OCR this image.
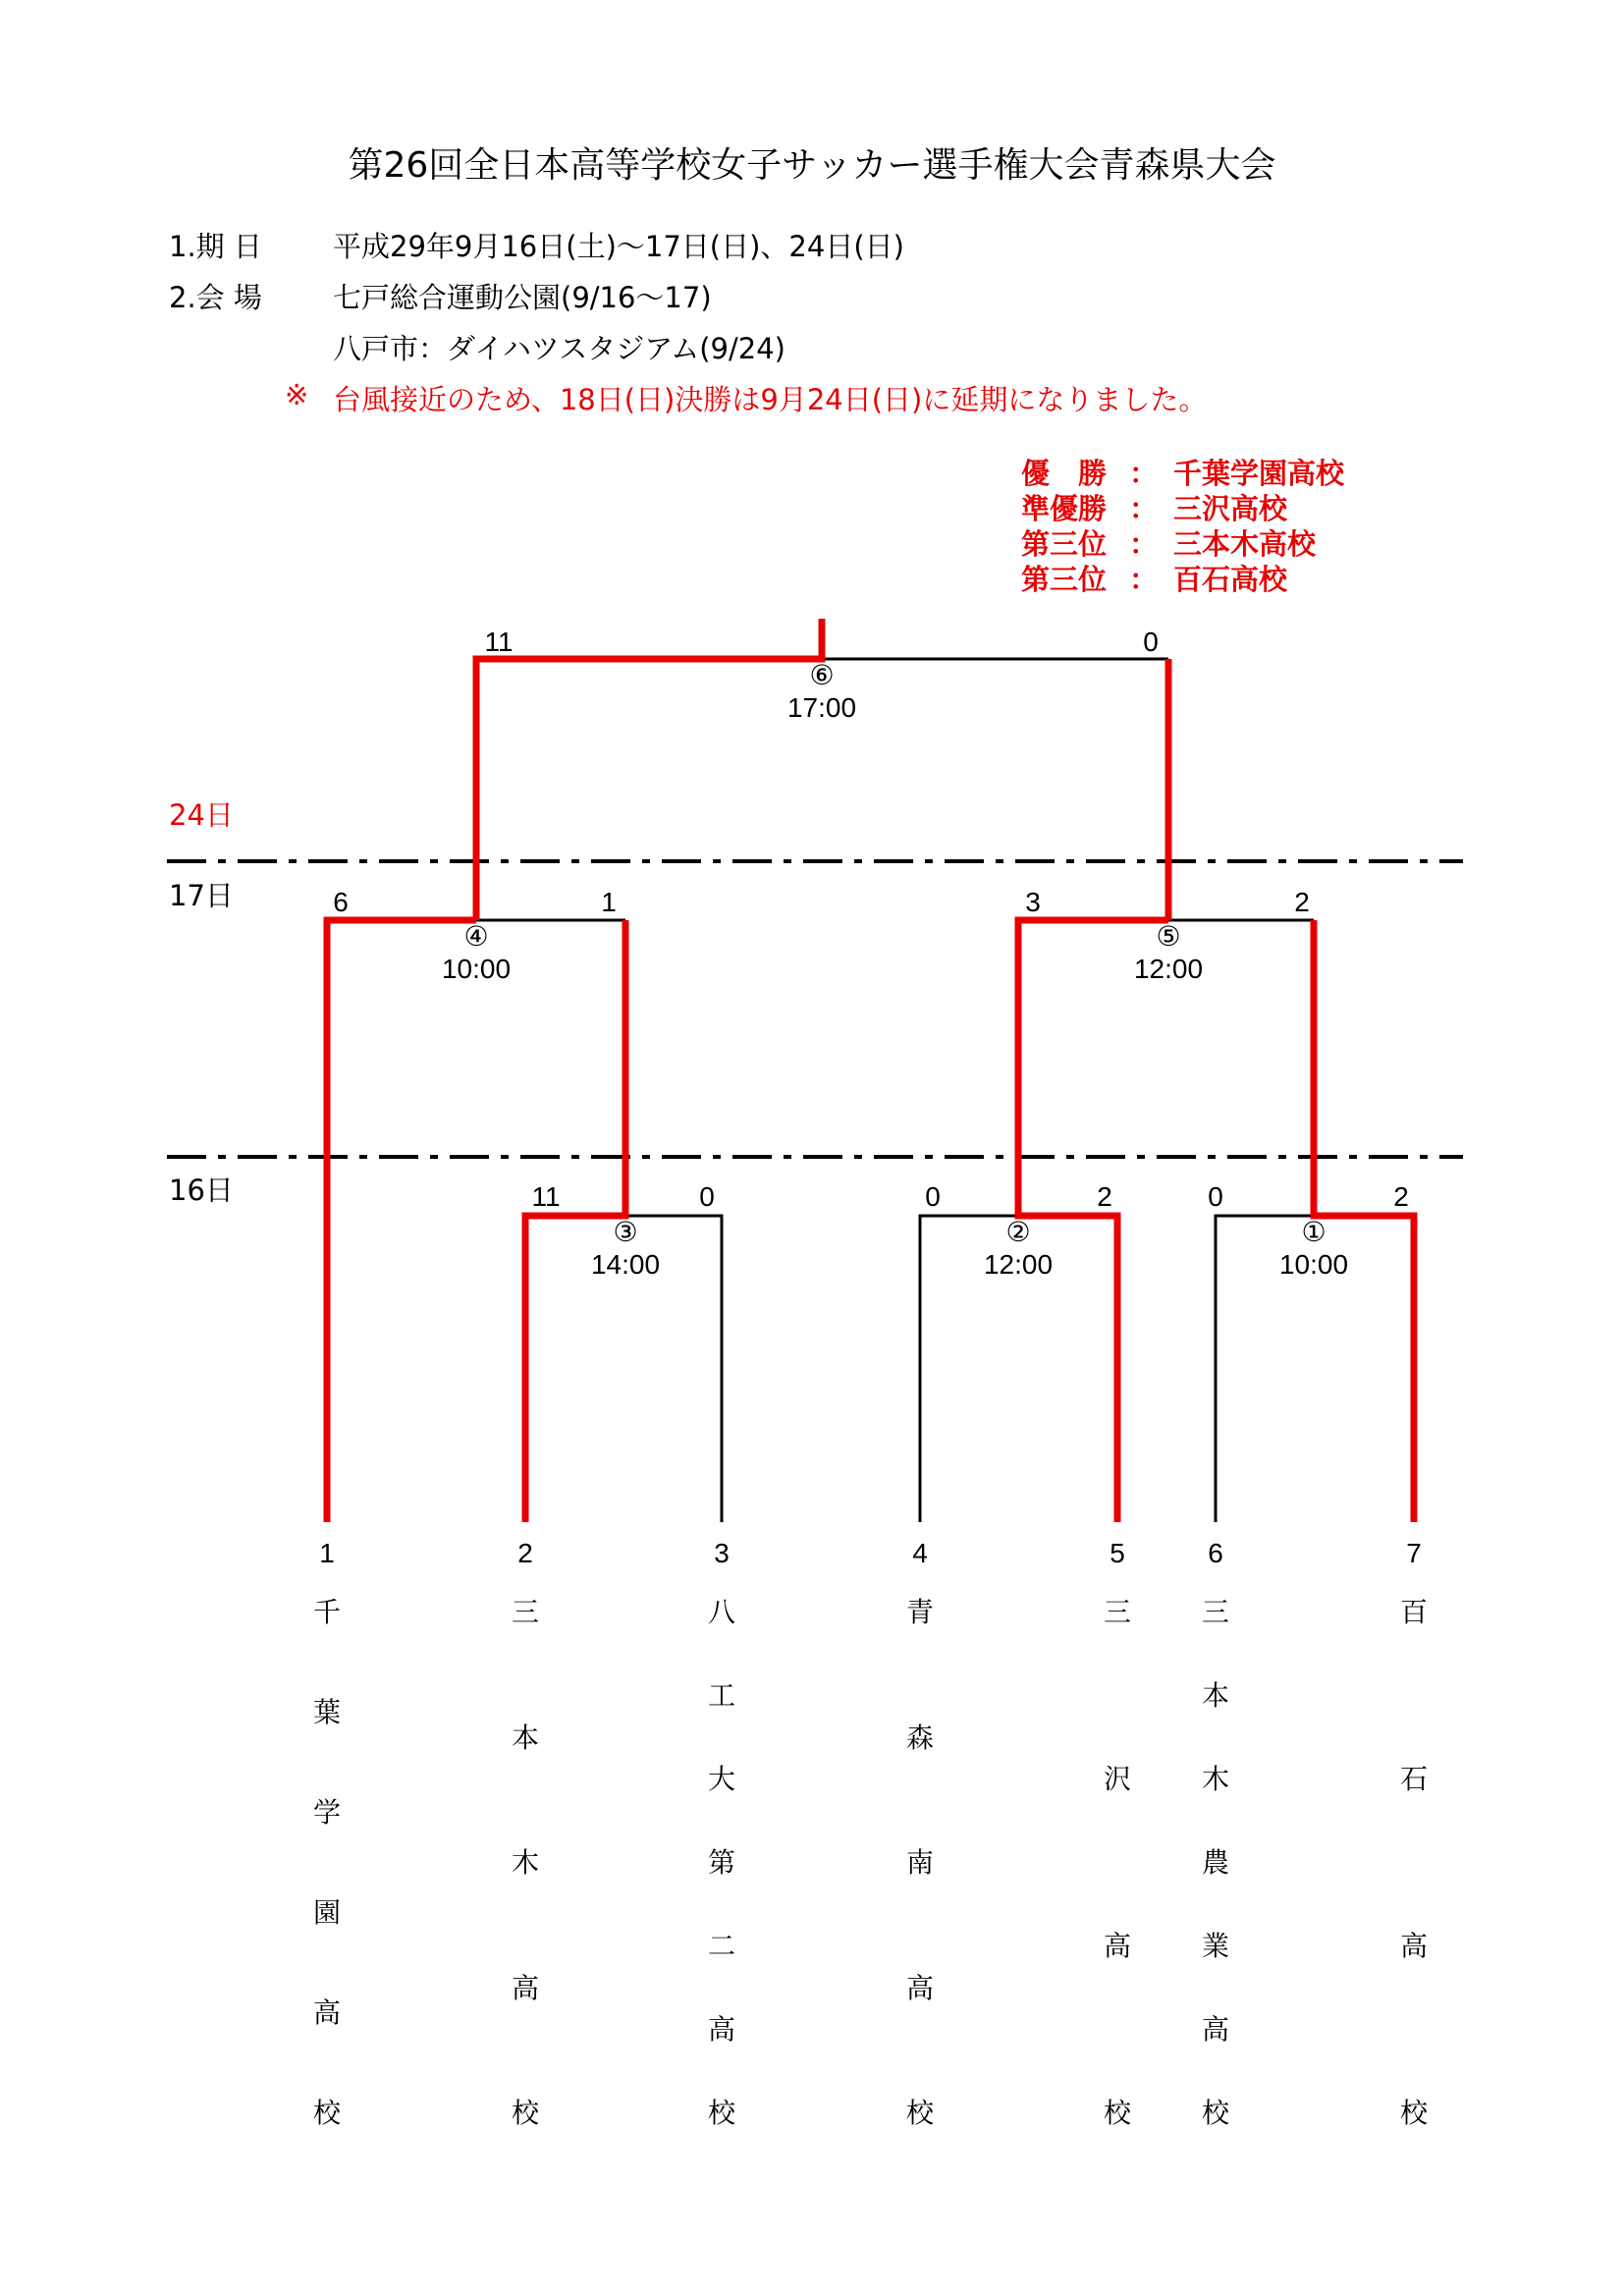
第26回全日本高等学校女子サッカー選手権大会青森県大会
1.期 日 平成29年9月16日(土)～17日(日)、24日(日)
2.会 場 七戸総合運動公園(9/16～17)
八戸市：ダイハツスタジアム(9/24)
※ 台風接近のため、18日(日)決勝は9月24日(日)に延期になりました。
優　勝 ： 千葉学園高校
準優勝 ： 三沢高校
第三位 ： 三本木高校
第三位 ： 百石高校
24日
17日
16日	0	2
①
10:00
0	2
②
12:00
11	0
③
14:00
6	1
④
10:00
3	2
⑤
12:00
11	0
⑥
17:00
1	2	3	4	5	6	7
千
葉
学
園
高
校
三
本
木
高
校
八
工
大
第
二
高
校
青
森
南
高
校
三
沢
高
校
三
本
木
農
業
高
校
百
石
高
校
